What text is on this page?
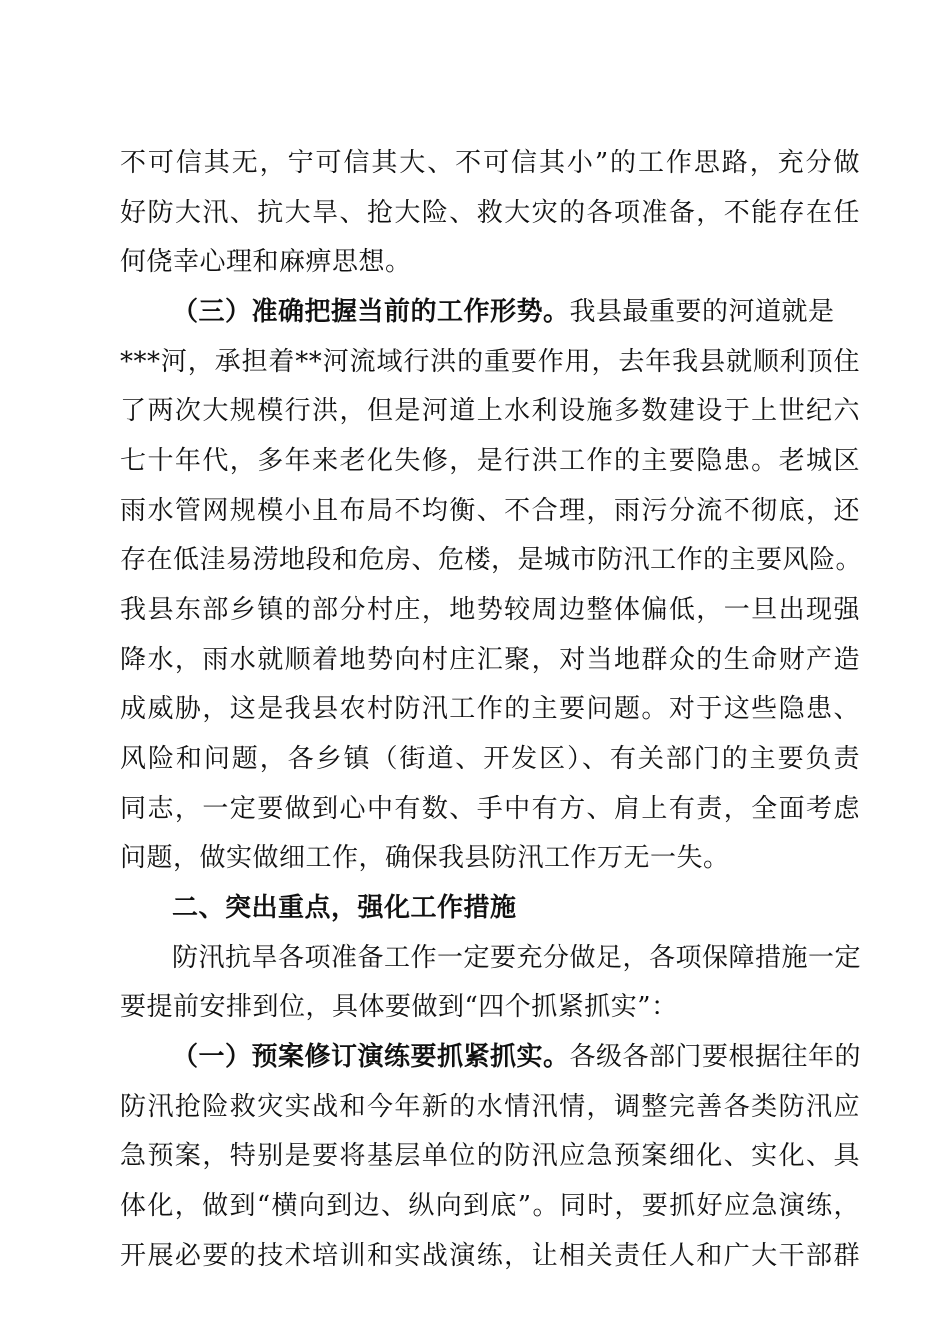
不可信其无，宁可信其大、不可信其小”的工作思路，充分做
好防大汛、抗大旱、抢大险、救大灾的各项准备，不能存在任
何侥幸心理和麻痹思想。
（三）准确把握当前的工作形势。我县最重要的河道就是
***河，承担着**河流域行洪的重要作用，去年我县就顺利顶住
了两次大规模行洪，但是河道上水利设施多数建设于上世纪六
七十年代，多年来老化失修，是行洪工作的主要隐患。老城区
雨水管网规模小且布局不均衡、不合理，雨污分流不彻底，还
存在低洼易涝地段和危房、危楼，是城市防汛工作的主要风险。
我县东部乡镇的部分村庄，地势较周边整体偏低，一旦出现强
降水，雨水就顺着地势向村庄汇聚，对当地群众的生命财产造
成威胁，这是我县农村防汛工作的主要问题。对于这些隐患、
风险和问题，各乡镇（街道、开发区）、有关部门的主要负责
同志，一定要做到心中有数、手中有方、肩上有责，全面考虑
问题，做实做细工作，确保我县防汛工作万无一失。
二、突出重点，强化工作措施
防汛抗旱各项准备工作一定要充分做足，各项保障措施一定
要提前安排到位，具体要做到“四个抓紧抓实”：
（一）预案修订演练要抓紧抓实。各级各部门要根据往年的
防汛抢险救灾实战和今年新的水情汛情，调整完善各类防汛应
急预案，特别是要将基层单位的防汛应急预案细化、实化、具
体化，做到“横向到边、纵向到底”。同时，要抓好应急演练，
开展必要的技术培训和实战演练，让相关责任人和广大干部群
